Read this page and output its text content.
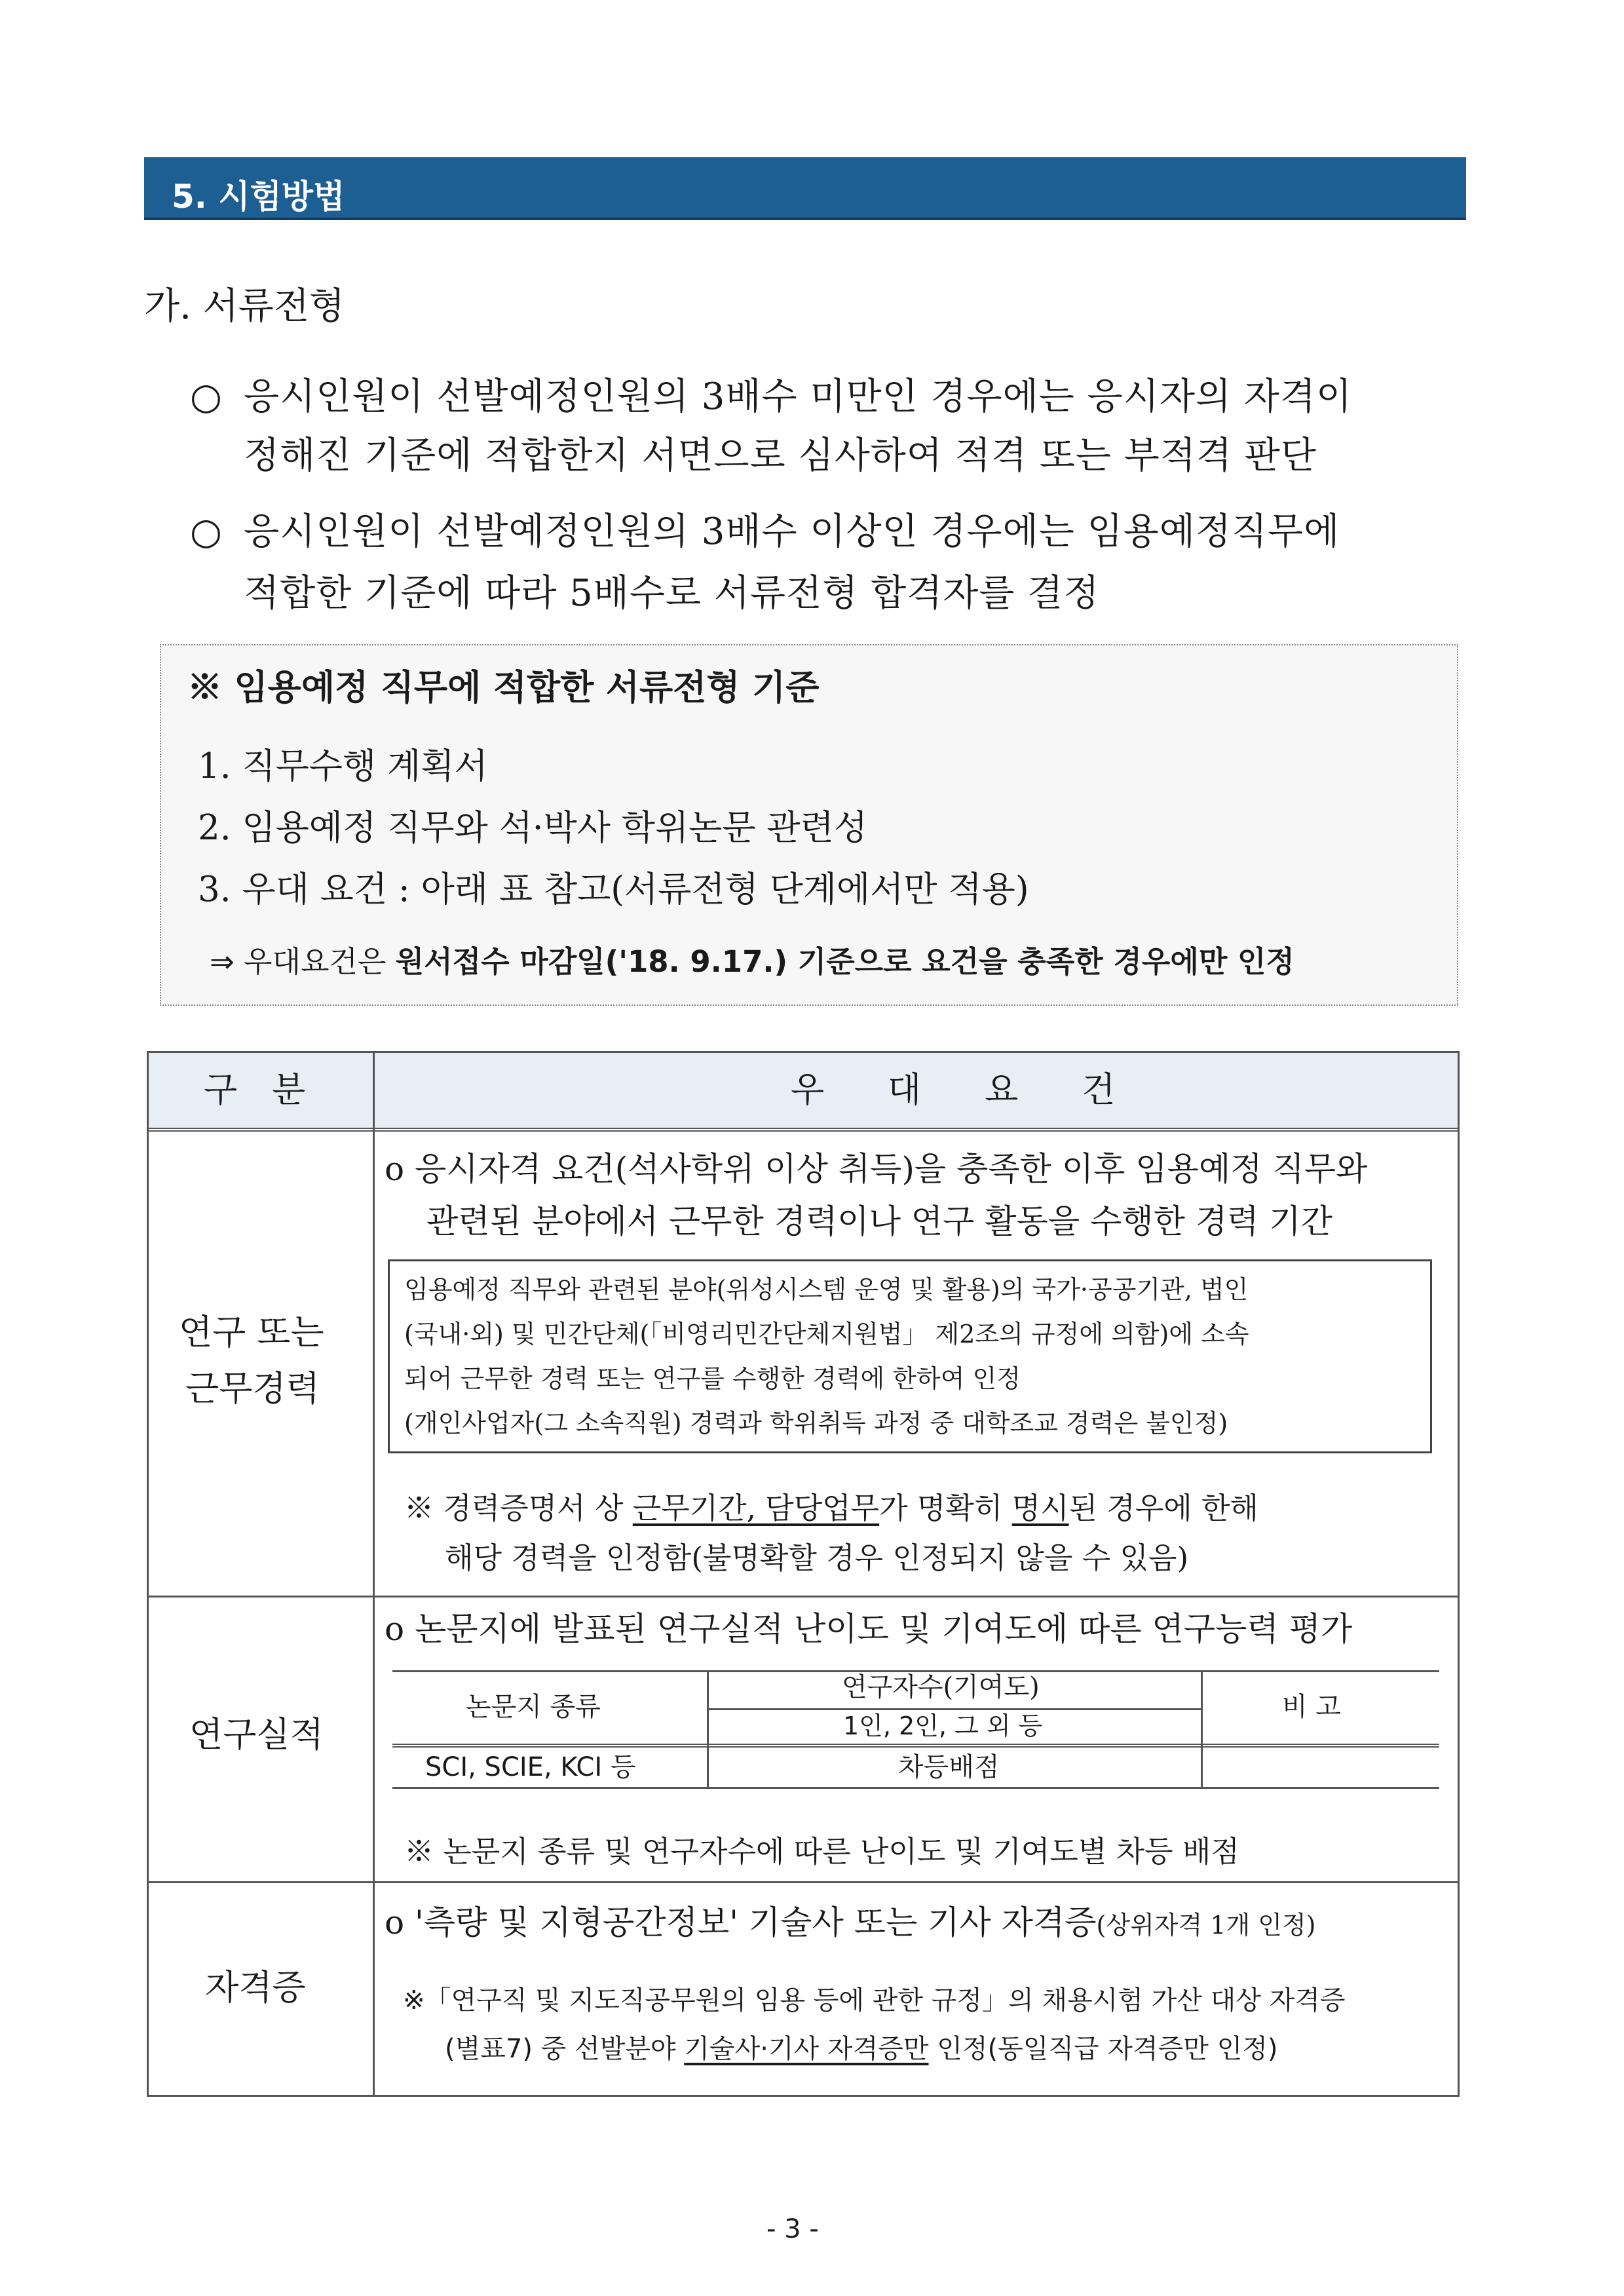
5. 시험방법
가. 서류전형
○ 응시인원이 선발예정인원의 3배수 미만인 경우에는 응시자의 자격이
정해진 기준에 적합한지 서면으로 심사하여 적격 또는 부적격 판단
○ 응시인원이 선발예정인원의 3배수 이상인 경우에는 임용예정직무에
적합한 기준에 따라 5배수로 서류전형 합격자를 결정
※ 임용예정 직무에 적합한 서류전형 기준
1. 직무수행 계획서
2. 임용예정 직무와 석·박사 학위논문 관련성
3. 우대 요건 : 아래 표 참고(서류전형 단계에서만 적용)
⇒ 우대요건은 원서접수 마감일('18. 9.17.) 기준으로 요건을 충족한 경우에만 인정
구 분	우 대 요 건
연구 또는
근무경력
o 응시자격 요건(석사학위 이상 취득)을 충족한 이후 임용예정 직무와
관련된 분야에서 근무한 경력이나 연구 활동을 수행한 경력 기간
※ 경력증명서 상 근무기간, 담당업무가 명확히 명시된 경우에 한해
해당 경력을 인정함(불명확할 경우 인정되지 않을 수 있음)
연구실적
o 논문지에 발표된 연구실적 난이도 및 기여도에 따른 연구능력 평가
논문지 종류
연구자수(기여도)
1인, 2인, 그 외 등
비 고
SCI, SCIE, KCI 등	차등배점
※ 논문지 종류 및 연구자수에 따른 난이도 및 기여도별 차등 배점
자격증
o '측량 및 지형공간정보' 기술사 또는 기사 자격증(상위자격 1개 인정)
※「연구직 및 지도직공무원의 임용 등에 관한 규정」의 채용시험 가산 대상 자격증
(별표7) 중 선발분야 기술사·기사 자격증만 인정(동일직급 자격증만 인정)
임용예정 직무와 관련된 분야(위성시스템 운영 및 활용)의 국가·공공기관, 법인
(국내·외) 및 민간단체(「비영리민간단체지원법」 제2조의 규정에 의함)에 소속
되어 근무한 경력 또는 연구를 수행한 경력에 한하여 인정
(개인사업자(그 소속직원) 경력과 학위취득 과정 중 대학조교 경력은 불인정)
- 3 -
